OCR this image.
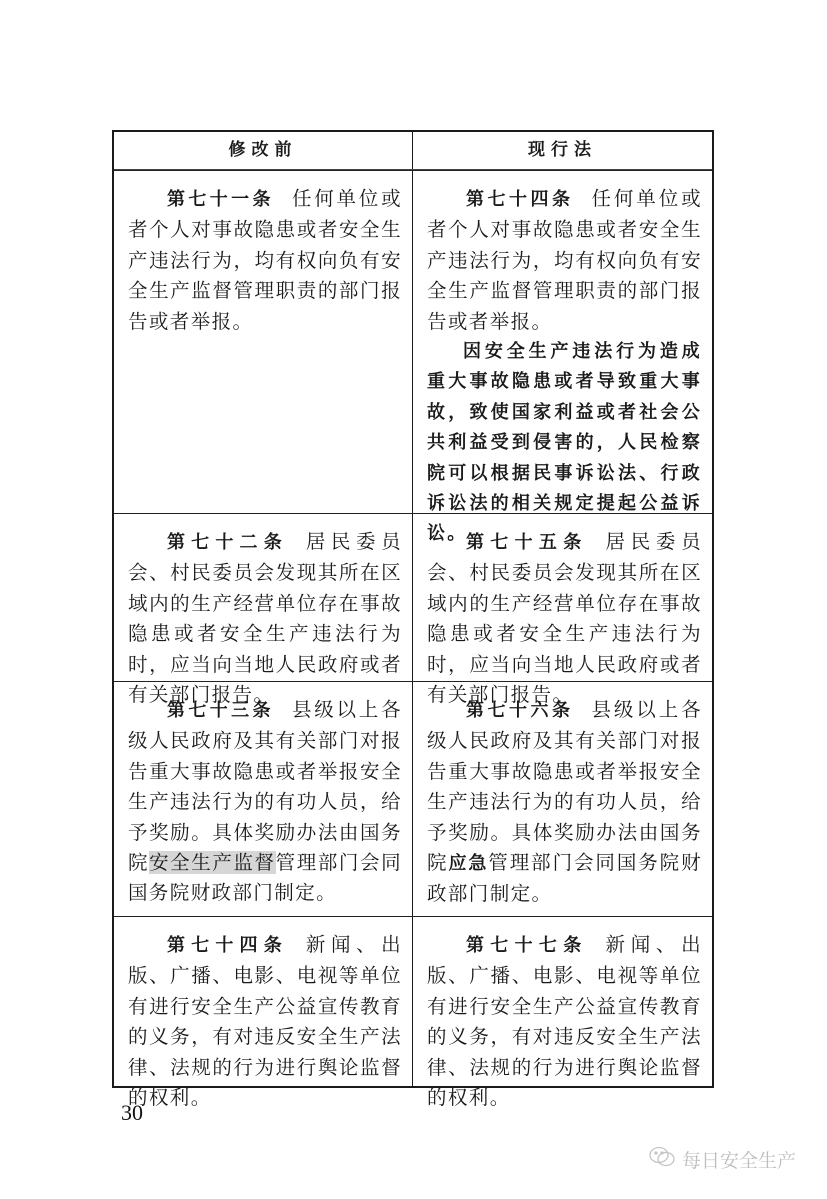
修改前	现行法

第七十一条 任何单位或者个人对事故隐患或者安全生产违法行为，均有权向负有安全生产监督管理职责的部门报告或者举报。

第七十四条 任何单位或者个人对事故隐患或者安全生产违法行为，均有权向负有安全生产监督管理职责的部门报告或者举报。

因安全生产违法行为造成重大事故隐患或者导致重大事故，致使国家利益或者社会公共利益受到侵害的，人民检察院可以根据民事诉讼法、行政诉讼法的相关规定提起公益诉讼。

第七十二条 居民委员会、村民委员会发现其所在区域内的生产经营单位存在事故隐患或者安全生产违法行为时，应当向当地人民政府或者有关部门报告。

第七十五条 居民委员会、村民委员会发现其所在区域内的生产经营单位存在事故隐患或者安全生产违法行为时，应当向当地人民政府或者有关部门报告。

第七十三条 县级以上各级人民政府及其有关部门对报告重大事故隐患或者举报安全生产违法行为的有功人员，给予奖励。具体奖励办法由国务院安全生产监督管理部门会同国务院财政部门制定。

第七十六条 县级以上各级人民政府及其有关部门对报告重大事故隐患或者举报安全生产违法行为的有功人员，给予奖励。具体奖励办法由国务院应急管理部门会同国务院财政部门制定。

第七十四条 新闻、出版、广播、电影、电视等单位有进行安全生产公益宣传教育的义务，有对违反安全生产法律、法规的行为进行舆论监督的权利。

第七十七条 新闻、出版、广播、电影、电视等单位有进行安全生产公益宣传教育的义务，有对违反安全生产法律、法规的行为进行舆论监督的权利。

30
每日安全生产
